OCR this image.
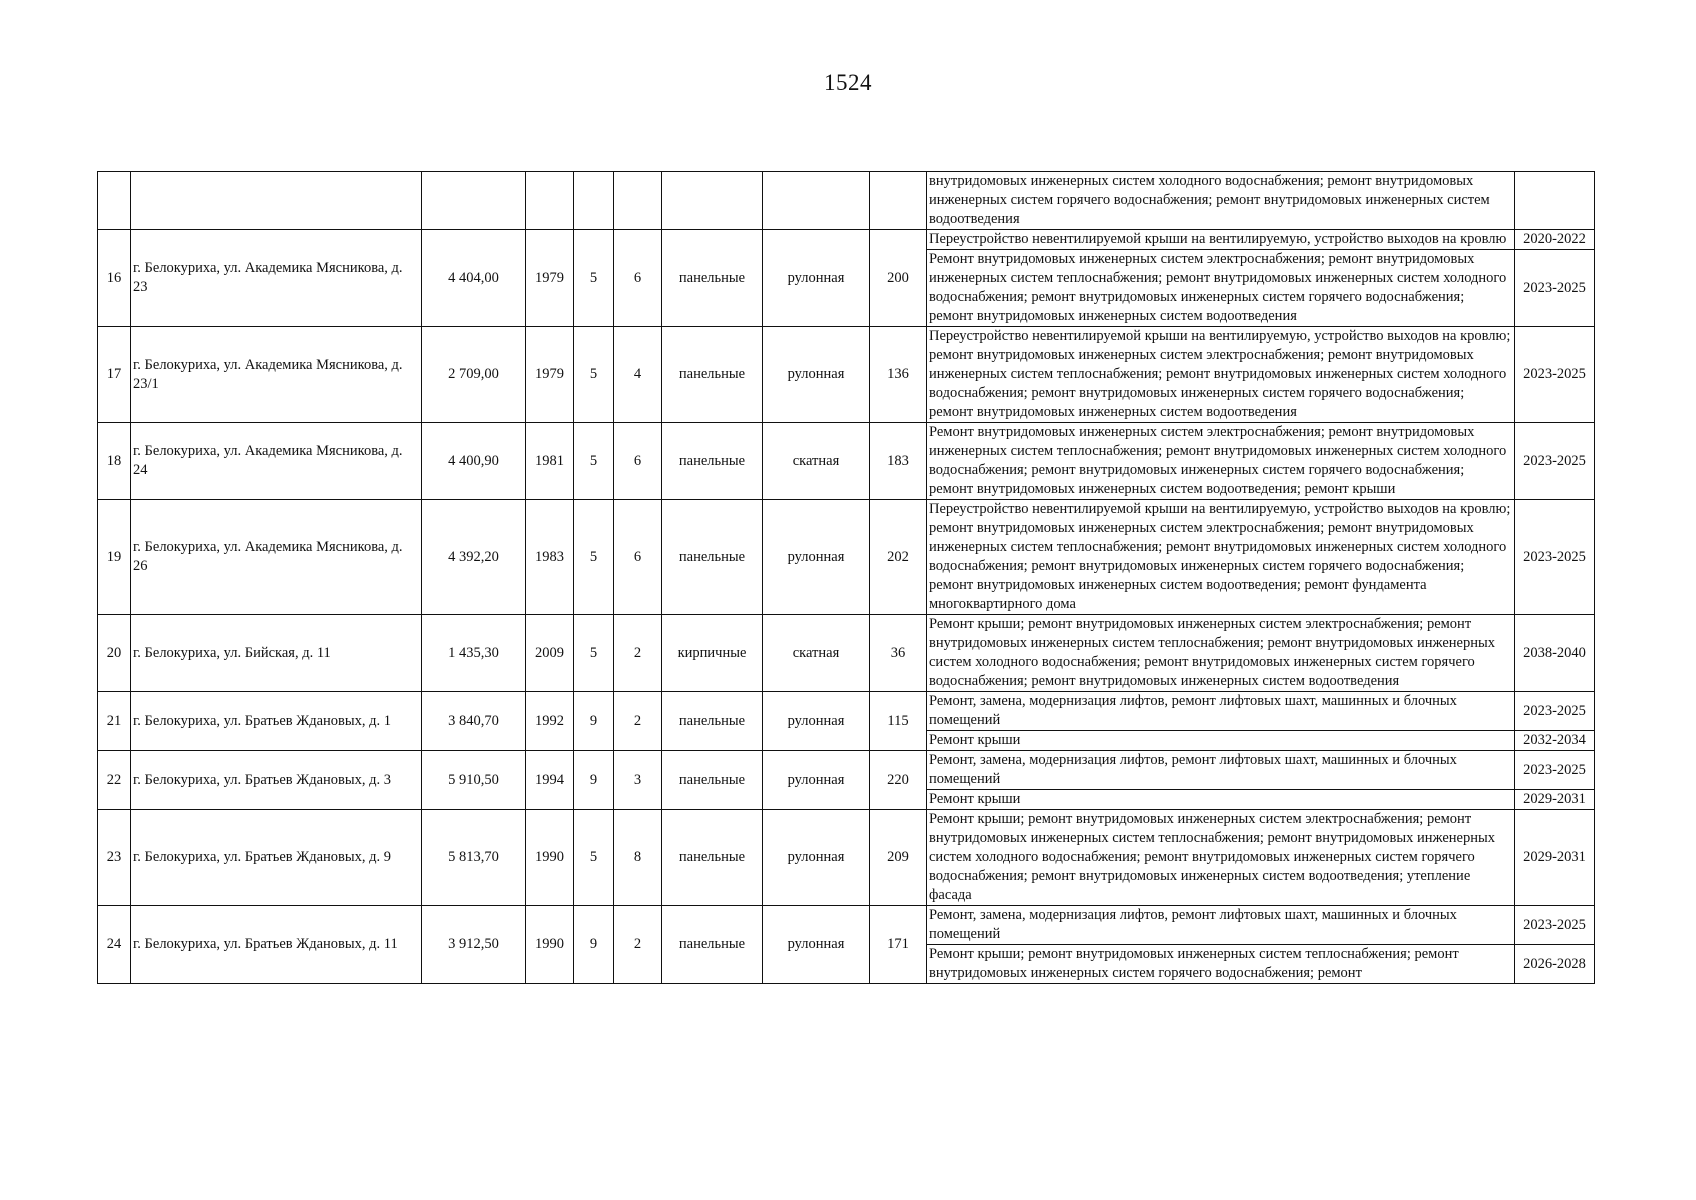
1524
									внутридомовых инженерных систем холодного водоснабжения; ремонт внутридомовых инженерных систем горячего водоснабжения; ремонт внутридомовых инженерных систем водоотведения	
16	г. Белокуриха, ул. Академика Мясникова, д. 23	4 404,00	1979	5	6	панельные	рулонная	200	Переустройство невентилируемой крыши на вентилируемую, устройство выходов на кровлю	2020-2022
									Ремонт внутридомовых инженерных систем электроснабжения; ремонт внутридомовых инженерных систем теплоснабжения; ремонт внутридомовых инженерных систем холодного водоснабжения; ремонт внутридомовых инженерных систем горячего водоснабжения; ремонт внутридомовых инженерных систем водоотведения	2023-2025
17	г. Белокуриха, ул. Академика Мясникова, д. 23/1	2 709,00	1979	5	4	панельные	рулонная	136	Переустройство невентилируемой крыши на вентилируемую, устройство выходов на кровлю; ремонт внутридомовых инженерных систем электроснабжения; ремонт внутридомовых инженерных систем теплоснабжения; ремонт внутридомовых инженерных систем холодного водоснабжения; ремонт внутридомовых инженерных систем горячего водоснабжения; ремонт внутридомовых инженерных систем водоотведения	2023-2025
18	г. Белокуриха, ул. Академика Мясникова, д. 24	4 400,90	1981	5	6	панельные	скатная	183	Ремонт внутридомовых инженерных систем электроснабжения; ремонт внутридомовых инженерных систем теплоснабжения; ремонт внутридомовых инженерных систем холодного водоснабжения; ремонт внутридомовых инженерных систем горячего водоснабжения; ремонт внутридомовых инженерных систем водоотведения; ремонт крыши	2023-2025
19	г. Белокуриха, ул. Академика Мясникова, д. 26	4 392,20	1983	5	6	панельные	рулонная	202	Переустройство невентилируемой крыши на вентилируемую, устройство выходов на кровлю; ремонт внутридомовых инженерных систем электроснабжения; ремонт внутридомовых инженерных систем теплоснабжения; ремонт внутридомовых инженерных систем холодного водоснабжения; ремонт внутридомовых инженерных систем горячего водоснабжения; ремонт внутридомовых инженерных систем водоотведения; ремонт фундамента многоквартирного дома	2023-2025
20	г. Белокуриха, ул. Бийская, д. 11	1 435,30	2009	5	2	кирпичные	скатная	36	Ремонт крыши; ремонт внутридомовых инженерных систем электроснабжения; ремонт внутридомовых инженерных систем теплоснабжения; ремонт внутридомовых инженерных систем холодного водоснабжения; ремонт внутридомовых инженерных систем горячего водоснабжения; ремонт внутридомовых инженерных систем водоотведения	2038-2040
21	г. Белокуриха, ул. Братьев Ждановых, д. 1	3 840,70	1992	9	2	панельные	рулонная	115	Ремонт, замена, модернизация лифтов, ремонт лифтовых шахт, машинных и блочных помещений	2023-2025
									Ремонт крыши	2032-2034
22	г. Белокуриха, ул. Братьев Ждановых, д. 3	5 910,50	1994	9	3	панельные	рулонная	220	Ремонт, замена, модернизация лифтов, ремонт лифтовых шахт, машинных и блочных помещений	2023-2025
									Ремонт крыши	2029-2031
23	г. Белокуриха, ул. Братьев Ждановых, д. 9	5 813,70	1990	5	8	панельные	рулонная	209	Ремонт крыши; ремонт внутридомовых инженерных систем электроснабжения; ремонт внутридомовых инженерных систем теплоснабжения; ремонт внутридомовых инженерных систем холодного водоснабжения; ремонт внутридомовых инженерных систем горячего водоснабжения; ремонт внутридомовых инженерных систем водоотведения; утепление фасада	2029-2031
24	г. Белокуриха, ул. Братьев Ждановых, д. 11	3 912,50	1990	9	2	панельные	рулонная	171	Ремонт, замена, модернизация лифтов, ремонт лифтовых шахт, машинных и блочных помещений	2023-2025
									Ремонт крыши; ремонт внутридомовых инженерных систем теплоснабжения; ремонт внутридомовых инженерных систем горячего водоснабжения; ремонт	2026-2028
